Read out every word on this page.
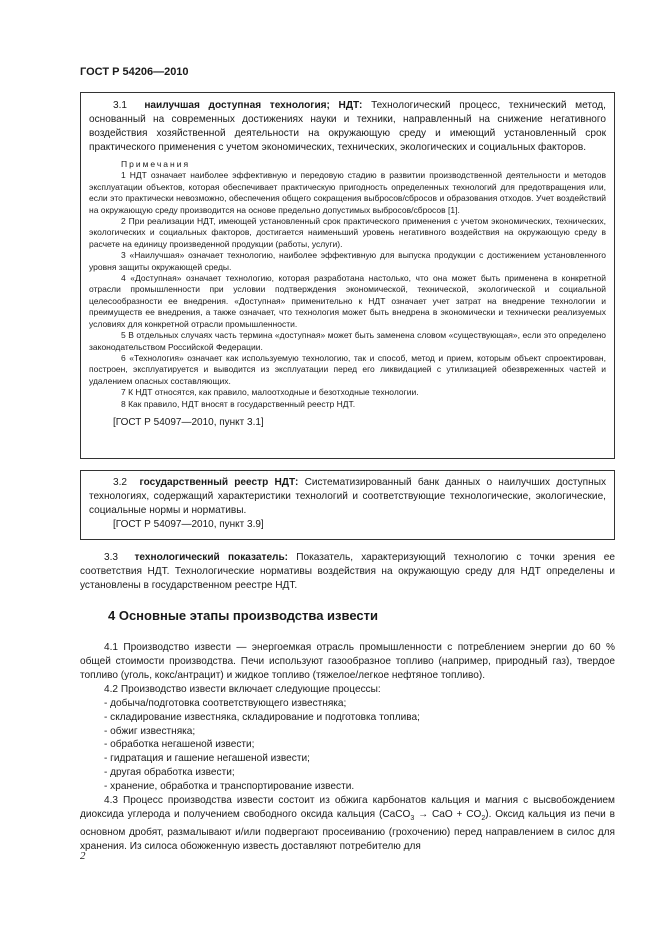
ГОСТ Р 54206—2010

3.1 наилучшая доступная технология; НДТ: Технологический процесс, технический метод, основанный на современных достижениях науки и техники, направленный на снижение негативного воздействия хозяйственной деятельности на окружающую среду и имеющий установленный срок практического применения с учетом экономических, технических, экологических и социальных факторов.

Примечания

1 НДТ означает наиболее эффективную и передовую стадию в развитии производственной деятельности и методов эксплуатации объектов, которая обеспечивает практическую пригодность определенных технологий для предотвращения или, если это практически невозможно, обеспечения общего сокращения выбросов/сбросов и образования отходов. Учет воздействий на окружающую среду производится на основе предельно допустимых выбросов/сбросов [1].

2 При реализации НДТ, имеющей установленный срок практического применения с учетом экономических, технических, экологических и социальных факторов, достигается наименьший уровень негативного воздействия на окружающую среду в расчете на единицу произведенной продукции (работы, услуги).

3 «Наилучшая» означает технологию, наиболее эффективную для выпуска продукции с достижением установленного уровня защиты окружающей среды.

4 «Доступная» означает технологию, которая разработана настолько, что она может быть применена в конкретной отрасли промышленности при условии подтверждения экономической, технической, экологической и социальной целесообразности ее внедрения. «Доступная» применительно к НДТ означает учет затрат на внедрение технологии и преимуществ ее внедрения, а также означает, что технология может быть внедрена в экономически и технически реализуемых условиях для конкретной отрасли промышленности.

5 В отдельных случаях часть термина «доступная» может быть заменена словом «существующая», если это определено законодательством Российской Федерации.

6 «Технология» означает как используемую технологию, так и способ, метод и прием, которым объект спроектирован, построен, эксплуатируется и выводится из эксплуатации перед его ликвидацией с утилизацией обезвреженных частей и удалением опасных составляющих.

7 К НДТ относятся, как правило, малоотходные и безотходные технологии.

8 Как правило, НДТ вносят в государственный реестр НДТ.

[ГОСТ Р 54097—2010, пункт 3.1]

3.2 государственный реестр НДТ: Систематизированный банк данных о наилучших доступных технологиях, содержащий характеристики технологий и соответствующие технологические, экологические, социальные нормы и нормативы.

[ГОСТ Р 54097—2010, пункт 3.9]

3.3 технологический показатель: Показатель, характеризующий технологию с точки зрения ее соответствия НДТ. Технологические нормативы воздействия на окружающую среду для НДТ определены и установлены в государственном реестре НДТ.

4 Основные этапы производства извести

4.1 Производство извести — энергоемкая отрасль промышленности с потреблением энергии до 60 % общей стоимости производства. Печи используют газообразное топливо (например, природный газ), твердое топливо (уголь, кокс/антрацит) и жидкое топливо (тяжелое/легкое нефтяное топливо).

4.2 Производство извести включает следующие процессы:

- добыча/подготовка соответствующего известняка;

- складирование известняка, складирование и подготовка топлива;

- обжиг известняка;

- обработка негашеной извести;

- гидратация и гашение негашеной извести;

- другая обработка извести;

- хранение, обработка и транспортирование извести.

4.3 Процесс производства извести состоит из обжига карбонатов кальция и магния с высвобождением диоксида углерода и получением свободного оксида кальция (CaCO$_3$ → CaO + $CO_2$). Оксид кальция из печи в основном дробят, размалывают и/или подвергают просеиванию (грохочению) перед направлением в силос для хранения. Из силоса обожженную известь доставляют потребителю для

2
